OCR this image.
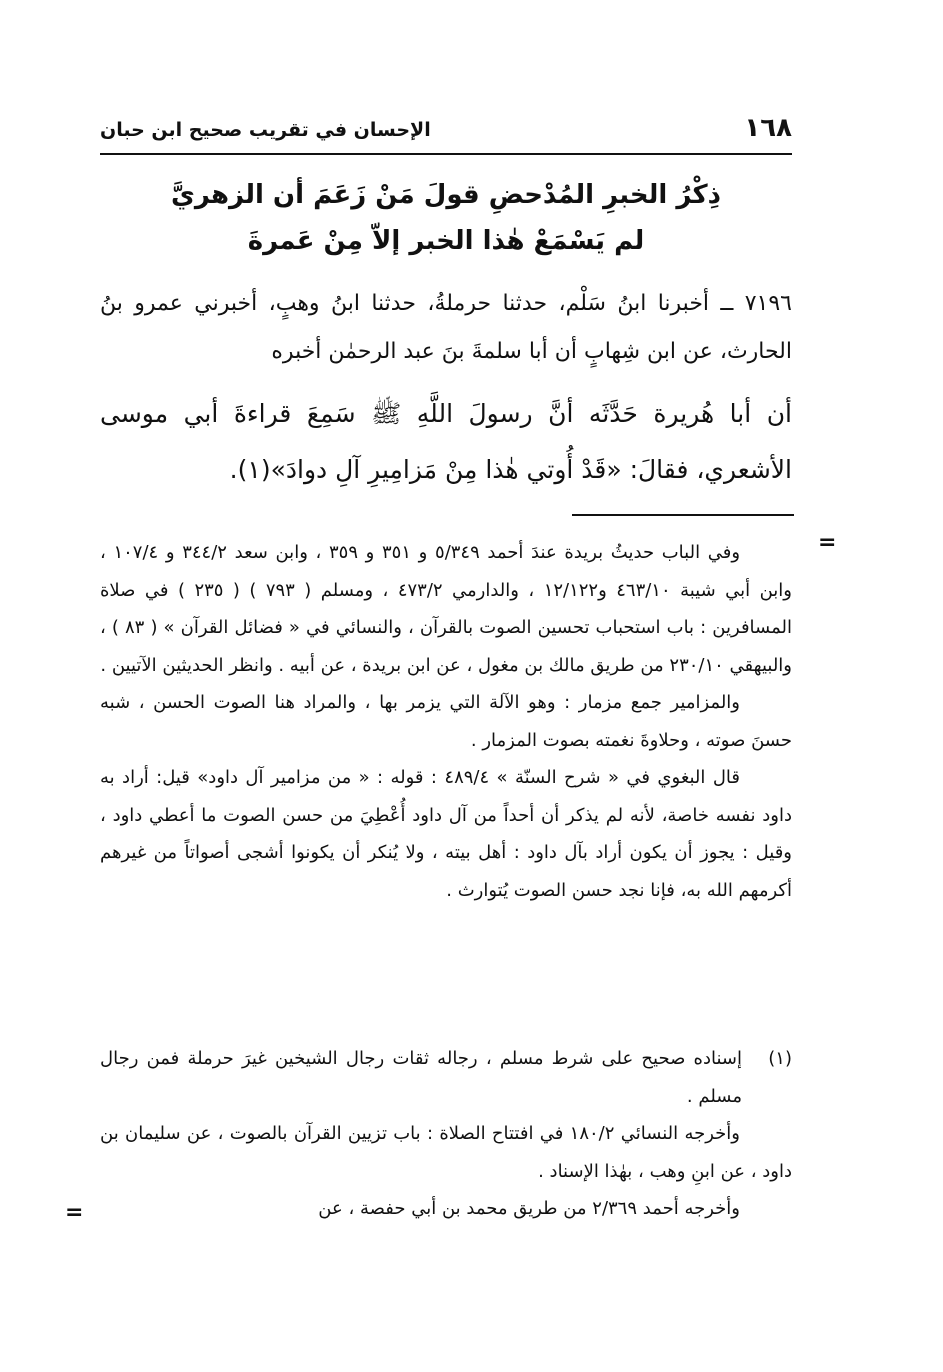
١٦٨
الإحسان في تقريب صحيح ابن حبان
ذِكْرُ الخبرِ المُدْحضِ قولَ مَنْ زَعَمَ أن الزهريَّ
لم يَسْمَعْ هٰذا الخبر إلاّ مِنْ عَمرةَ
٧١٩٦ ــ أخبرنا ابنُ سَلْم، حدثنا حرملةُ، حدثنا ابنُ وهبٍ، أخبرني عمرو بنُ الحارث، عن ابن شِهابٍ أن أبا سلمةَ بنَ عبد الرحمٰن أخبره
أن أبا هُريرة حَدَّثَه أنَّ رسولَ اللَّهِ ﷺ سَمِعَ قراءةَ أبي موسى الأشعري، فقالَ: «قَدْ أُوتي هٰذا مِنْ مَزامِيرِ آلِ دوادَ»(١).
=

وفي الباب حديثُ بريدة عندَ أحمد ٥/٣٤٩ و ٣٥١ و ٣٥٩ ، وابن سعد ٣٤٤/٢ و ١٠٧/٤ ، وابن أبي شيبة ٤٦٣/١٠ و١٢/١٢٢ ، والدارمي ٤٧٣/٢ ، ومسلم ( ٧٩٣ ) ( ٢٣٥ ) في صلاة المسافرين : باب استحباب تحسين الصوت بالقرآن ، والنسائي في « فضائل القرآن » ( ٨٣ ) ، والبيهقي ٢٣٠/١٠ من طريق مالك بن مغول ، عن ابن بريدة ، عن أبيه . وانظر الحديثين الآتيين .

والمزامير جمع مزمار : وهو الآلة التي يزمر بها ، والمراد هنا الصوت الحسن ، شبه حسنَ صوته ، وحلاوةَ نغمته بصوت المزمار .

قال البغوي في « شرح السنّة » ٤٨٩/٤ : قوله : « من مزامير آل داود» قيل: أراد به داود نفسه خاصة، لأنه لم يذكر أن أحداً من آل داود أُعْطِيَ من حسن الصوت ما أعطي داود ، وقيل : يجوز أن يكون أراد بآل داود : أهل بيته ، ولا يُنكر أن يكونوا أشجى أصواتاً من غيرهم أكرمهم الله به، فإنا نجد حسن الصوت يُتوارث .

(١)
إسناده صحيح على شرط مسلم ، رجاله ثقات رجال الشيخين غيرَ حرملة فمن رجال مسلم .

وأخرجه النسائي ١٨٠/٢ في افتتاح الصلاة : باب تزيين القرآن بالصوت ، عن سليمان بن داود ، عن ابنِ وهب ، بهٰذا الإسناد .

وأخرجه أحمد ٢/٣٦٩ من طريق محمد بن أبي حفصة ، عن

=
